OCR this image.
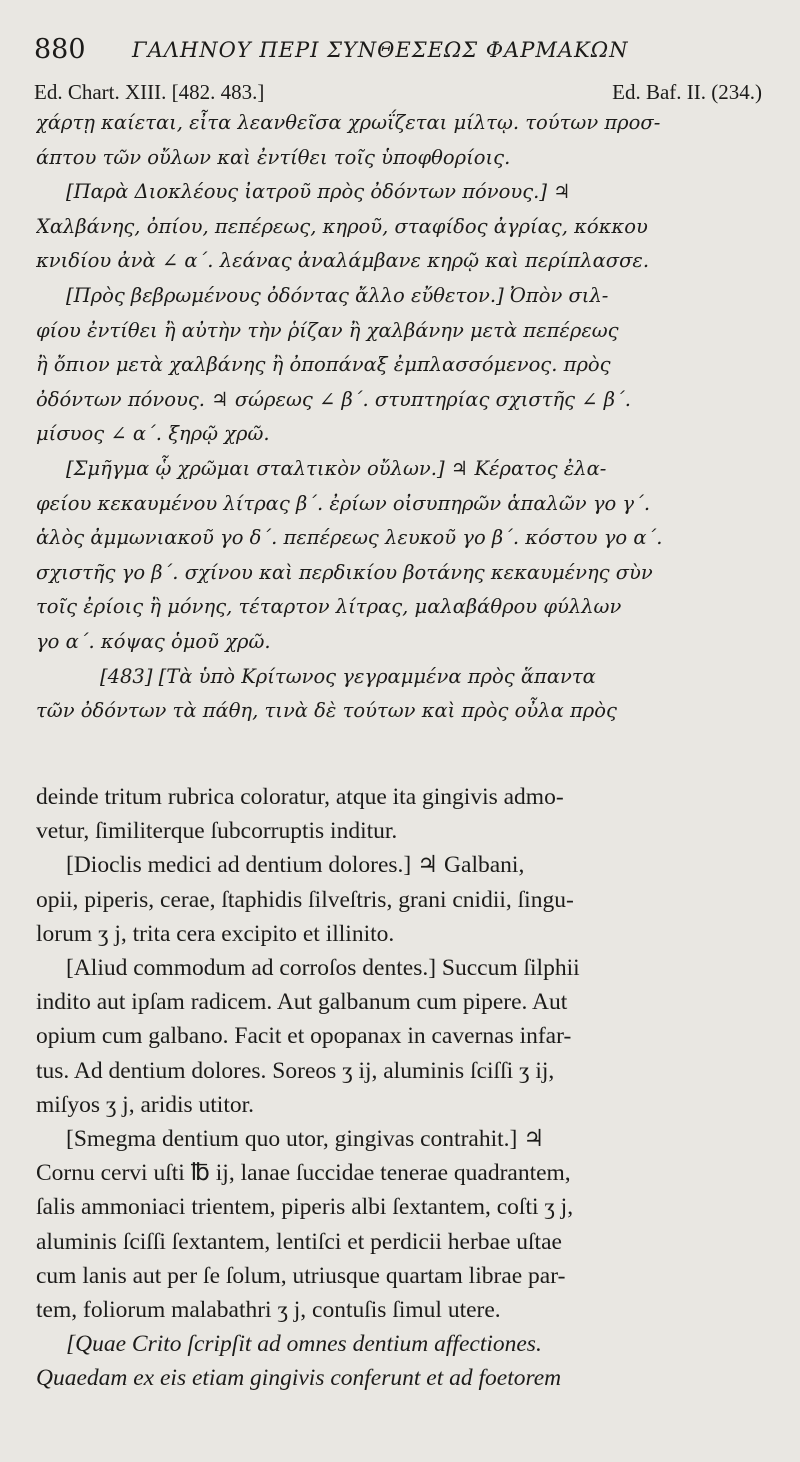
880 ΓΑΛΗΝΟΥ ΠΕΡΙ ΣΥΝΘΕΣΕΩΣ ΦΑΡΜΑΚΩΝ
Ed. Chart. XIII. [482. 483.]	Ed. Baf. II. (234.)
χάρτῃ καίεται, εἶτα λεανθεῖσα χρωΐζεται μίλτῳ. τούτων προσ-
άπτου τῶν οὔλων καὶ ἐντίθει τοῖς ὑποφθορίοις.
[Παρὰ Διοκλέους ἰατροῦ πρὸς ὀδόντων πόνους.] ♃
Χαλβάνης, ὀπίου, πεπέρεως, κηροῦ, σταφίδος ἀγρίας, κόκκου
κνιδίου ἀνὰ ∠ α΄. λεάνας ἀναλάμβανε κηρῷ καὶ περίπλασσε.
[Πρὸς βεβρωμένους ὀδόντας ἄλλο εὔθετον.] Ὀπὸν σιλ-
φίου ἐντίθει ἢ αὐτὴν τὴν ῥίζαν ἢ χαλβάνην μετὰ πεπέρεως
ἢ ὄπιον μετὰ χαλβάνης ἢ ὀποπάναξ ἐμπλασσόμενος. πρὸς
ὀδόντων πόνους. ♃ σώρεως ∠ β΄. στυπτηρίας σχιστῆς ∠ β΄.
μίσυος ∠ α΄. ξηρῷ χρῶ.
[Σμῆγμα ᾧ χρῶμαι σταλτικὸν οὔλων.] ♃ Κέρατος ἐλα-
φείου κεκαυμένου λίτρας β΄. ἐρίων οἰσυπηρῶν ἁπαλῶν γο γ΄.
ἁλὸς ἀμμωνιακοῦ γο δ΄. πεπέρεως λευκοῦ γο β΄. κόστου γο α΄.
σχιστῆς γο β΄. σχίνου καὶ περδικίου βοτάνης κεκαυμένης σὺν
τοῖς ἐρίοις ἢ μόνης, τέταρτον λίτρας, μαλαβάθρου φύλλων
γο α΄. κόψας ὁμοῦ χρῶ.
[483] [Τὰ ὑπὸ Κρίτωνος γεγραμμένα πρὸς ἅπαντα
τῶν ὀδόντων τὰ πάθη, τινὰ δὲ τούτων καὶ πρὸς οὖλα πρὸς
deinde tritum rubrica coloratur, atque ita gingivis admo-
vetur, ſimiliterque ſubcorruptis inditur.
[Dioclis medici ad dentium dolores.] ♃ Galbani,
opii, piperis, cerae, ſtaphidis ſilveſtris, grani cnidii, ſingu-
lorum ʒ j, trita cera excipito et illinito.
[Aliud commodum ad corroſos dentes.] Succum ſilphii
indito aut ipſam radicem. Aut galbanum cum pipere. Aut
opium cum galbano. Facit et opopanax in cavernas infar-
tus. Ad dentium dolores. Soreos ʒ ij, aluminis ſciſſi ʒ ij,
miſyos ʒ j, aridis utitor.
[Smegma dentium quo utor, gingivas contrahit.] ♃
Cornu cervi uſti ℔ ij, lanae ſuccidae tenerae quadrantem,
ſalis ammoniaci trientem, piperis albi ſextantem, coſti ʒ j,
aluminis ſciſſi ſextantem, lentiſci et perdicii herbae uſtae
cum lanis aut per ſe ſolum, utriusque quartam librae par-
tem, foliorum malabathri ʒ j, contuſis ſimul utere.
[Quae Crito ſcripſit ad omnes dentium affectiones.
Quaedam ex eis etiam gingivis conferunt et ad foetorem
